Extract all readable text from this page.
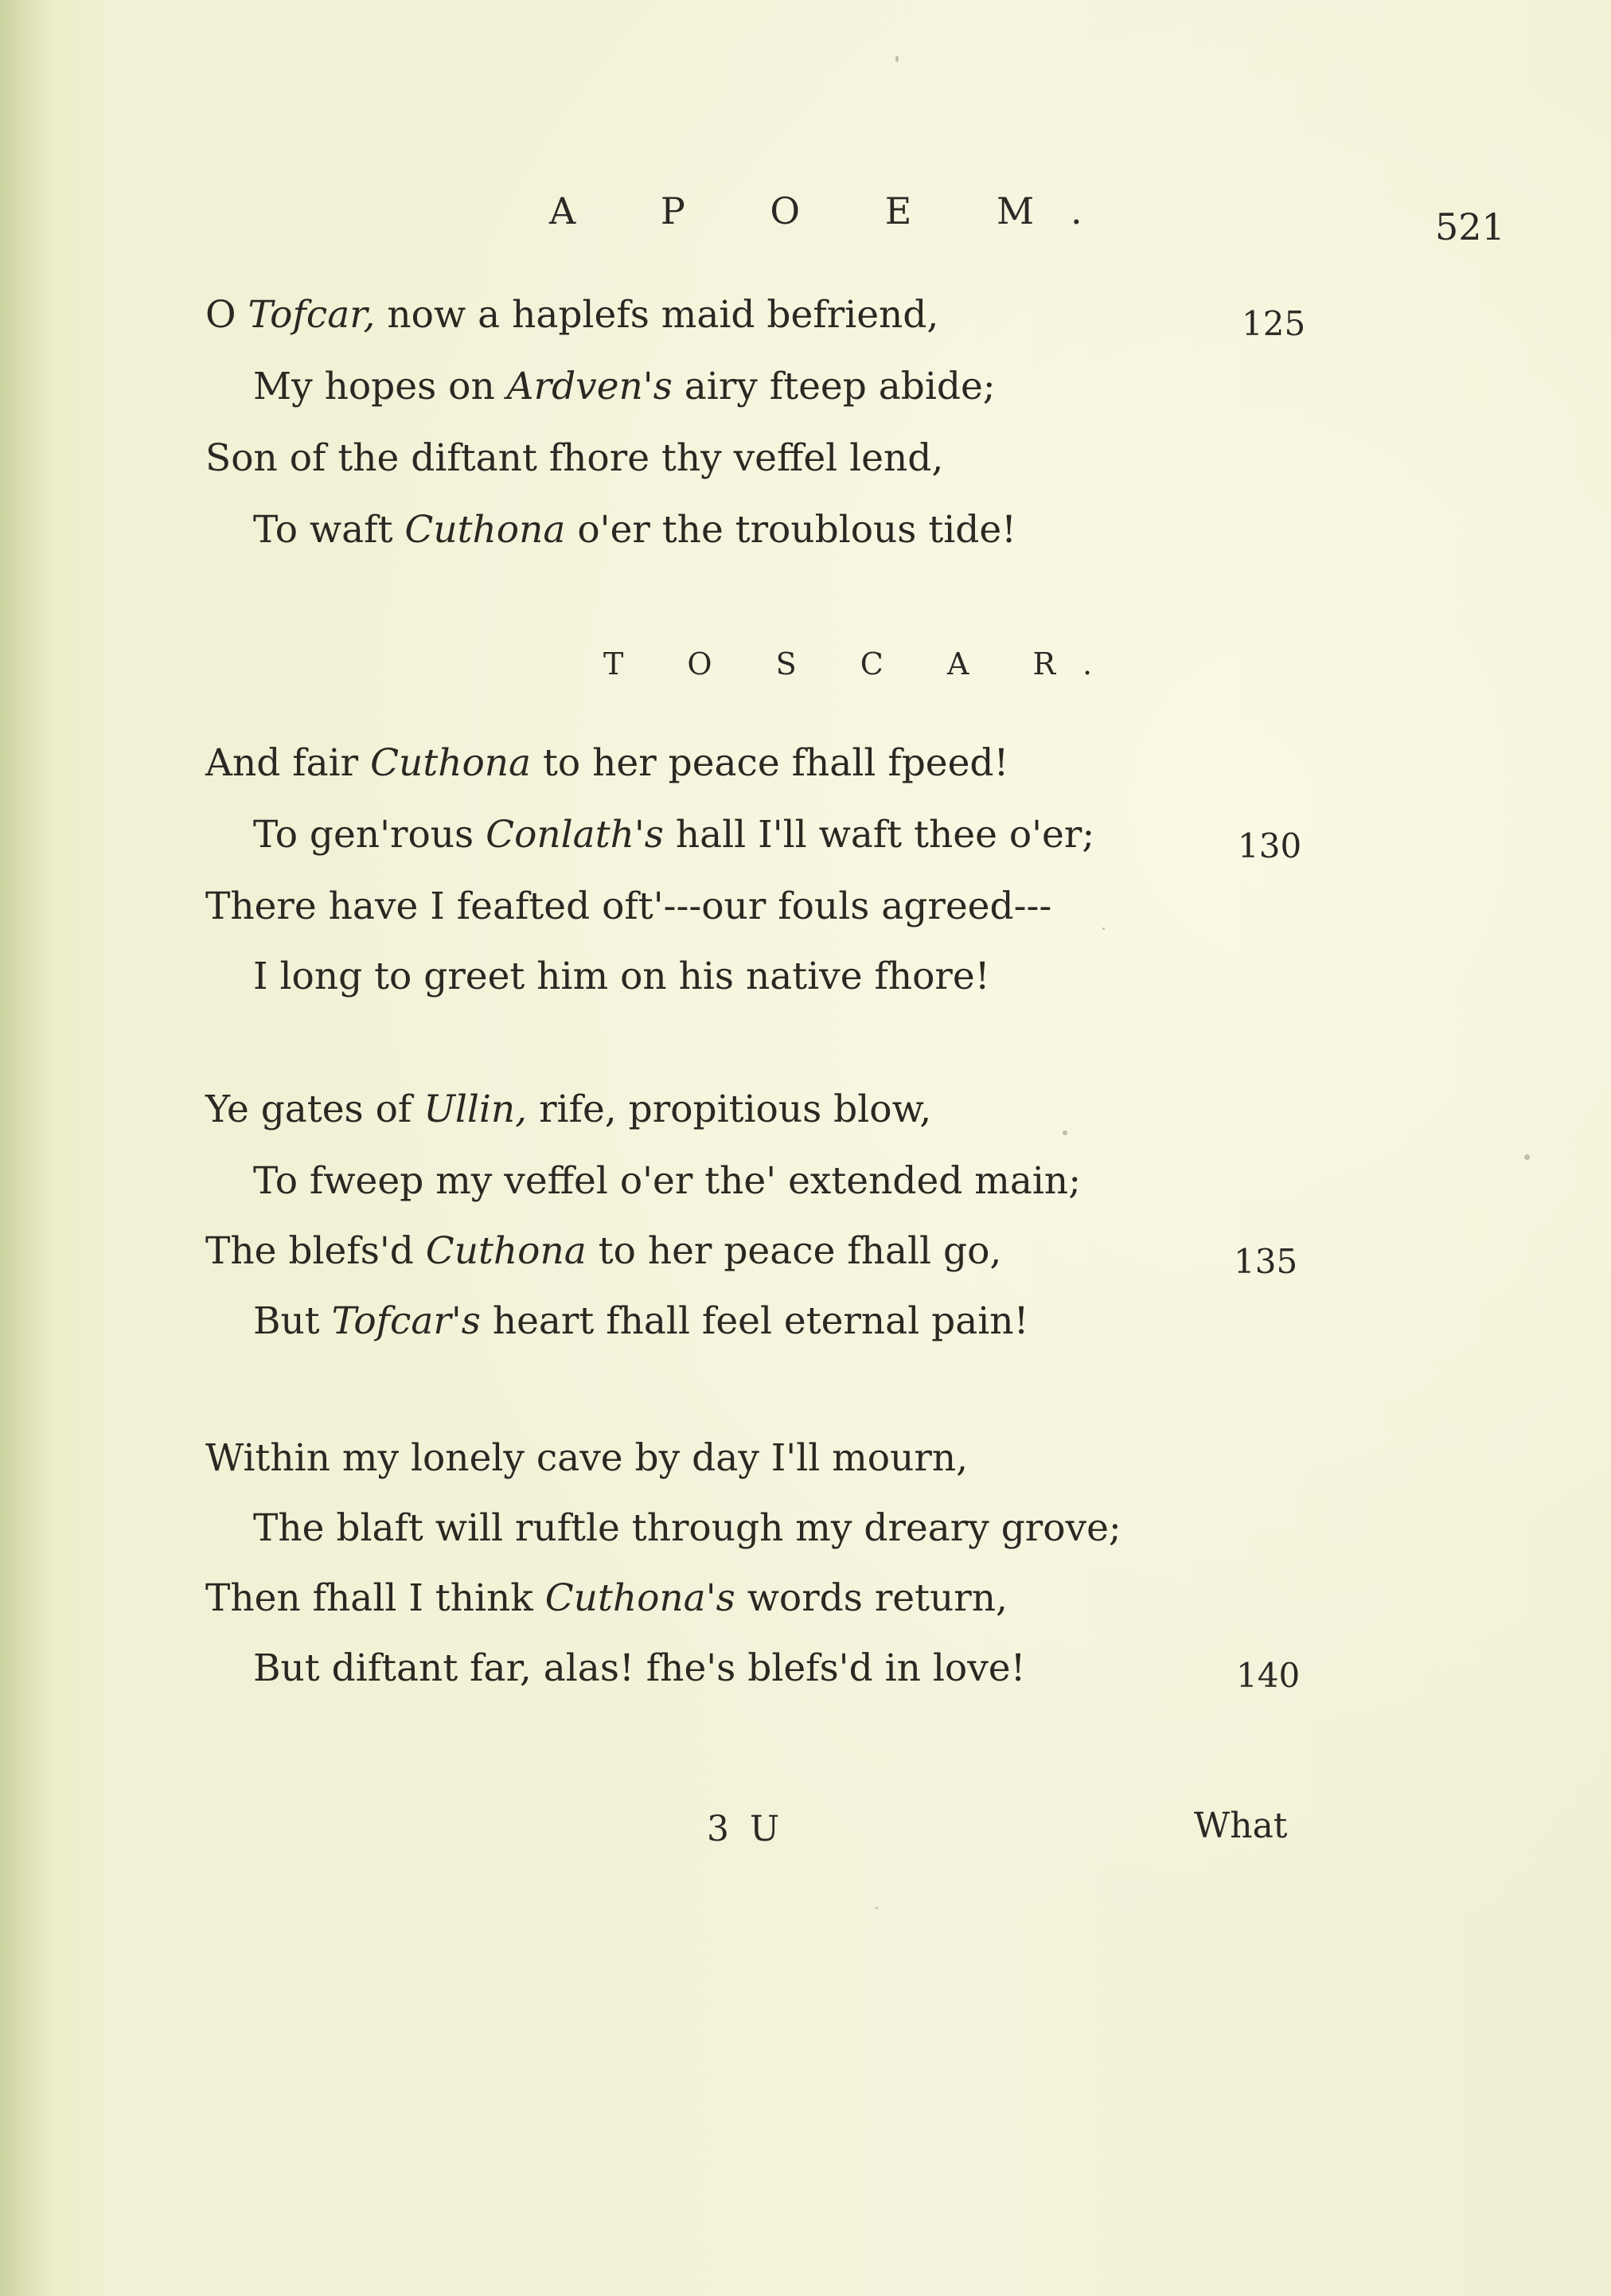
A P O E M.	521
O Tofcar, now a haplefs maid befriend,
My hopes on Ardven's airy fteep abide;
Son of the diftant fhore thy veffel lend,
To waft Cuthona o'er the troublous tide!
125
T O S C A R.
And fair Cuthona to her peace fhall fpeed!
To gen'rous Conlath's hall I'll waft thee o'er;
There have I feafted oft'---our fouls agreed---
I long to greet him on his native fhore!
130
Ye gates of Ullin, rife, propitious blow,
To fweep my veffel o'er the' extended main;
The blefs'd Cuthona to her peace fhall go,
But Tofcar's heart fhall feel eternal pain!
135
Within my lonely cave by day I'll mourn,
The blaft will ruftle through my dreary grove;
Then fhall I think Cuthona's words return,
But diftant far, alas! fhe's blefs'd in love!	140
3 U	What
